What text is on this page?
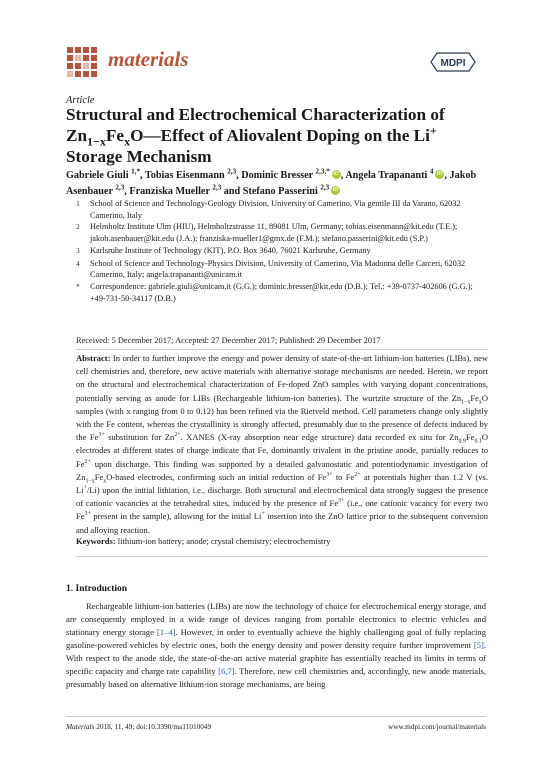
materials	MDPI
Article
Structural and Electrochemical Characterization of
$Zn_{1-x}Fe_xO—Effect$ of Aliovalent Doping on the Li+
Storage Mechanism
Gabriele Giuli $^{1,*}$, Tobias Eisenmann $^{2,3}$, Dominic Bresser $^{2,3,*}$ iD , Angela Trapananti $^4$ iD , Jakob Asenbauer $^{2,3}$, Franziska Mueller $^{2,3}$ and Stefano Passerini $^{2,3}$iD
1	School of Science and Technology-Geology Division, University of Camerino, Via gentile III da Varano, 62032 Camerino, Italy
2	Helmholtz Institute Ulm (HIU), Helmholtzstrasse 11, 89081 Ulm, Germany; tobias.eisenmann@kit.edu (T.E.); jakob.asenbauer@kit.edu (J.A.); franziska-mueller1@gmx.de (F.M.); stefano.passerini@kit.edu (S.P.)
3	Karlsruhe Institute of Technology (KIT), P.O. Box 3640, 76021 Karlsruhe, Germany
4	School of Science and Technology-Physics Division, University of Camerino, Via Madonna delle Carceri, 62032 Camerino, Italy; angela.trapananti@unicam.it
*	Correspondence: gabriele.giuli@unicam.it (G.G.); dominic.bresser@kit.edu (D.B.); Tel.: +39-0737-402606 (G.G.); +49-731-50-34117 (D.B.)
Received: 5 December 2017; Accepted: 27 December 2017; Published: 29 December 2017
Abstract: In order to further improve the energy and power density of state-of-the-art lithium-ion batteries (LIBs), new cell chemistries and, therefore, new active materials with alternative storage mechanisms are needed. Herein, we report on the structural and electrochemical characterization of Fe-doped ZnO samples with varying dopant concentrations, potentially serving as anode for LIBs (Rechargeable lithium-ion batteries). The wurtzite structure of the $Zn_{1-x}Fe_xO$ samples (with x ranging from 0 to 0.12) has been refined via the Rietveld method. Cell parameters change only slightly with the Fe content, whereas the crystallinity is strongly affected, presumably due to the presence of defects induced by the $Fe^{3+}$ substitution for $Zn^{2+}$. XANES (X-ray absorption near edge structure) data recorded ex situ for $Zn_{0.9}Fe_{0.1}O$ electrodes at different states of charge indicate that Fe, dominantly trivalent in the pristine anode, partially reduces to $Fe^{2+}$ upon discharge. This finding was supported by a detailed galvanostatic and potentiodynamic investigation of $Zn_{1-x}Fe_xO$-based electrodes, confirming such an initial reduction of $Fe^{3+}$ to $Fe^{2+}$ at potentials higher than 1.2 V (vs. Li+/Li) upon the initial lithiation, i.e., discharge. Both structural and electrochemical data strongly suggest the presence of cationic vacancies at the tetrahedral sites, induced by the presence of $Fe^{3+}$ (i.e., one cationic vacancy for every two $Fe^{3+}$ present in the sample), allowing for the initial Li+ insertion into the ZnO lattice prior to the subsequent conversion and alloying reaction.
Keywords: lithium-ion battery; anode; crystal chemistry; electrochemistry
1. Introduction
Rechargeable lithium-ion batteries (LIBs) are now the technology of choice for electrochemical energy storage, and are consequently employed in a wide range of devices ranging from portable electronics to electric vehicles and stationary energy storage [1–4]. However, in order to eventually achieve the highly challenging goal of fully replacing gasoline-powered vehicles by electric ones, both the energy density and power density require further improvement [5]. With respect to the anode side, the state-of-the-art active material graphite has essentially reached its limits in terms of specific capacity and charge rate capability [6,7]. Therefore, new cell chemistries and, accordingly, new anode materials, presumably based on alternative lithium-ion storage mechanisms, are being
Materials 2018, 11, 49; doi:10.3390/ma11010049	www.mdpi.com/journal/materials
